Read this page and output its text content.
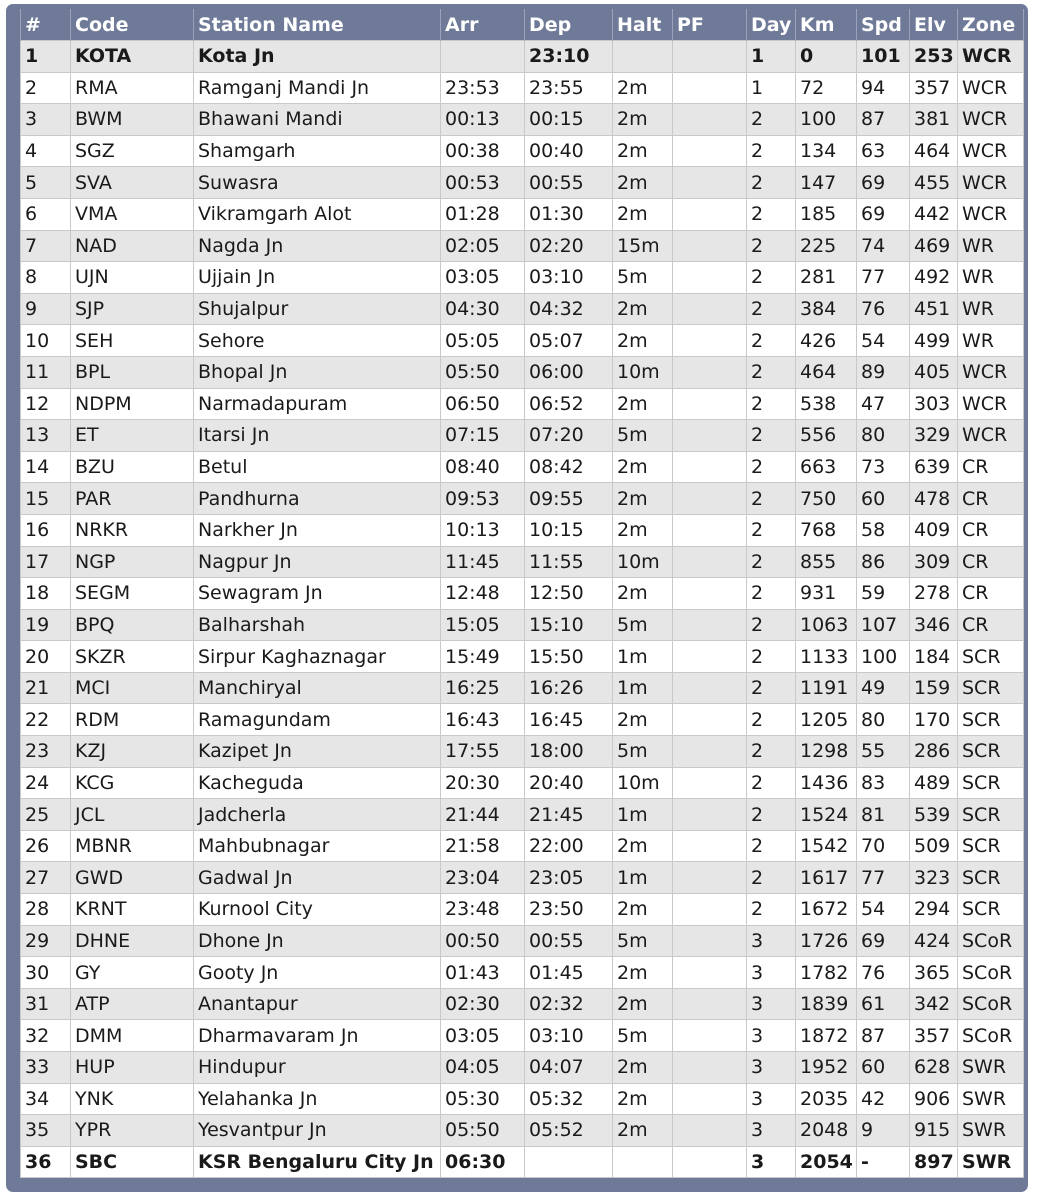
#	Code	Station Name	Arr	Dep	Halt	PF	Day	Km	Spd	Elv	Zone
1	KOTA	Kota Jn		23:10			1	0	101	253	WCR
2	RMA	Ramganj Mandi Jn	23:53	23:55	2m		1	72	94	357	WCR
3	BWM	Bhawani Mandi	00:13	00:15	2m		2	100	87	381	WCR
4	SGZ	Shamgarh	00:38	00:40	2m		2	134	63	464	WCR
5	SVA	Suwasra	00:53	00:55	2m		2	147	69	455	WCR
6	VMA	Vikramgarh Alot	01:28	01:30	2m		2	185	69	442	WCR
7	NAD	Nagda Jn	02:05	02:20	15m		2	225	74	469	WR
8	UJN	Ujjain Jn	03:05	03:10	5m		2	281	77	492	WR
9	SJP	Shujalpur	04:30	04:32	2m		2	384	76	451	WR
10	SEH	Sehore	05:05	05:07	2m		2	426	54	499	WR
11	BPL	Bhopal Jn	05:50	06:00	10m		2	464	89	405	WCR
12	NDPM	Narmadapuram	06:50	06:52	2m		2	538	47	303	WCR
13	ET	Itarsi Jn	07:15	07:20	5m		2	556	80	329	WCR
14	BZU	Betul	08:40	08:42	2m		2	663	73	639	CR
15	PAR	Pandhurna	09:53	09:55	2m		2	750	60	478	CR
16	NRKR	Narkher Jn	10:13	10:15	2m		2	768	58	409	CR
17	NGP	Nagpur Jn	11:45	11:55	10m		2	855	86	309	CR
18	SEGM	Sewagram Jn	12:48	12:50	2m		2	931	59	278	CR
19	BPQ	Balharshah	15:05	15:10	5m		2	1063	107	346	CR
20	SKZR	Sirpur Kaghaznagar	15:49	15:50	1m		2	1133	100	184	SCR
21	MCI	Manchiryal	16:25	16:26	1m		2	1191	49	159	SCR
22	RDM	Ramagundam	16:43	16:45	2m		2	1205	80	170	SCR
23	KZJ	Kazipet Jn	17:55	18:00	5m		2	1298	55	286	SCR
24	KCG	Kacheguda	20:30	20:40	10m		2	1436	83	489	SCR
25	JCL	Jadcherla	21:44	21:45	1m		2	1524	81	539	SCR
26	MBNR	Mahbubnagar	21:58	22:00	2m		2	1542	70	509	SCR
27	GWD	Gadwal Jn	23:04	23:05	1m		2	1617	77	323	SCR
28	KRNT	Kurnool City	23:48	23:50	2m		2	1672	54	294	SCR
29	DHNE	Dhone Jn	00:50	00:55	5m		3	1726	69	424	SCoR
30	GY	Gooty Jn	01:43	01:45	2m		3	1782	76	365	SCoR
31	ATP	Anantapur	02:30	02:32	2m		3	1839	61	342	SCoR
32	DMM	Dharmavaram Jn	03:05	03:10	5m		3	1872	87	357	SCoR
33	HUP	Hindupur	04:05	04:07	2m		3	1952	60	628	SWR
34	YNK	Yelahanka Jn	05:30	05:32	2m		3	2035	42	906	SWR
35	YPR	Yesvantpur Jn	05:50	05:52	2m		3	2048	9	915	SWR
36	SBC	KSR Bengaluru City Jn	06:30				3	2054	-	897	SWR
